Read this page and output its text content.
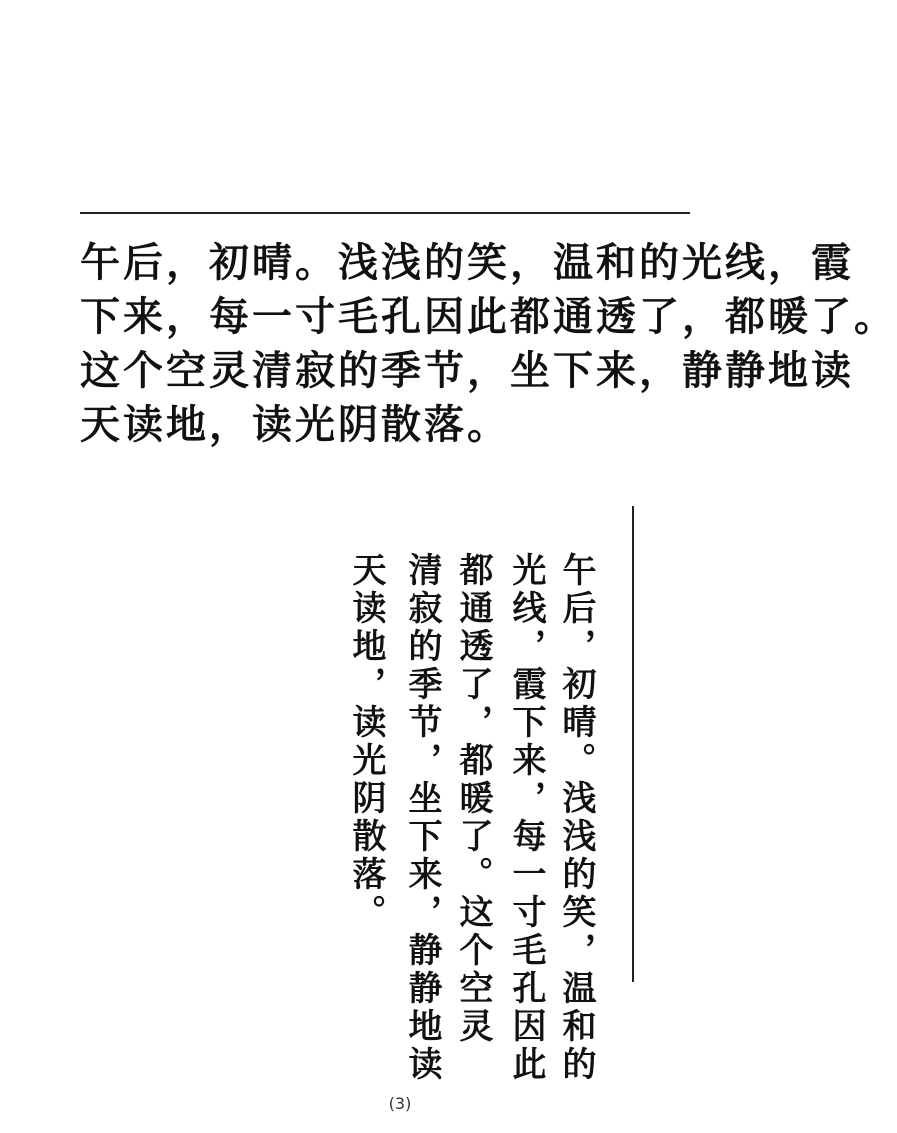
午后，初晴。浅浅的笑，温和的光线，霞
下来，每一寸毛孔因此都通透了，都暖了。
这个空灵清寂的季节，坐下来，静静地读
天读地，读光阴散落。
午后，初晴。浅浅的笑，温和的
光线，霞下来，每一寸毛孔因此
都通透了，都暖了。这个空灵
清寂的季节，坐下来，静静地读
天读地，读光阴散落。
(3)
